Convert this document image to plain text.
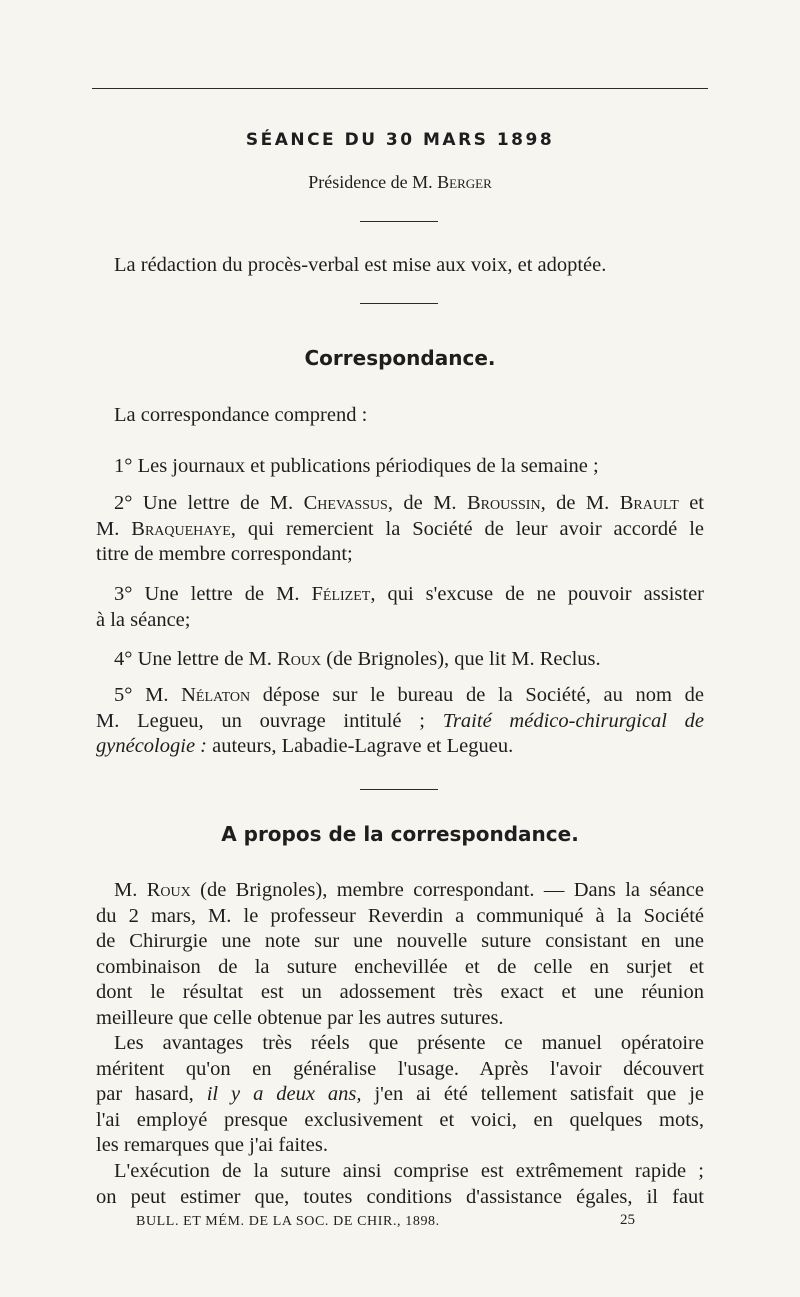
SÉANCE DU 30 MARS 1898
Présidence de M. Berger
La rédaction du procès-verbal est mise aux voix, et adoptée.
Correspondance.
La correspondance comprend :
1° Les journaux et publications périodiques de la semaine ;
2° Une lettre de M. Chevassus, de M. Broussin, de M. Brault et
M. Braquehaye, qui remercient la Société de leur avoir accordé le
titre de membre correspondant;
3° Une lettre de M. Félizet, qui s'excuse de ne pouvoir assister
à la séance;
4° Une lettre de M. Roux (de Brignoles), que lit M. Reclus.
5° M. Nélaton dépose sur le bureau de la Société, au nom de
M. Legueu, un ouvrage intitulé ; Traité médico-chirurgical de
gynécologie : auteurs, Labadie-Lagrave et Legueu.
A propos de la correspondance.
M. Roux (de Brignoles), membre correspondant. — Dans la séance
du 2 mars, M. le professeur Reverdin a communiqué à la Société
de Chirurgie une note sur une nouvelle suture consistant en une
combinaison de la suture enchevillée et de celle en surjet et
dont le résultat est un adossement très exact et une réunion
meilleure que celle obtenue par les autres sutures.
Les avantages très réels que présente ce manuel opératoire
méritent qu'on en généralise l'usage. Après l'avoir découvert
par hasard, il y a deux ans, j'en ai été tellement satisfait que je
l'ai employé presque exclusivement et voici, en quelques mots,
les remarques que j'ai faites.
L'exécution de la suture ainsi comprise est extrêmement rapide ;
on peut estimer que, toutes conditions d'assistance égales, il faut
BULL. ET MÉM. DE LA SOC. DE CHIR., 1898.	25
